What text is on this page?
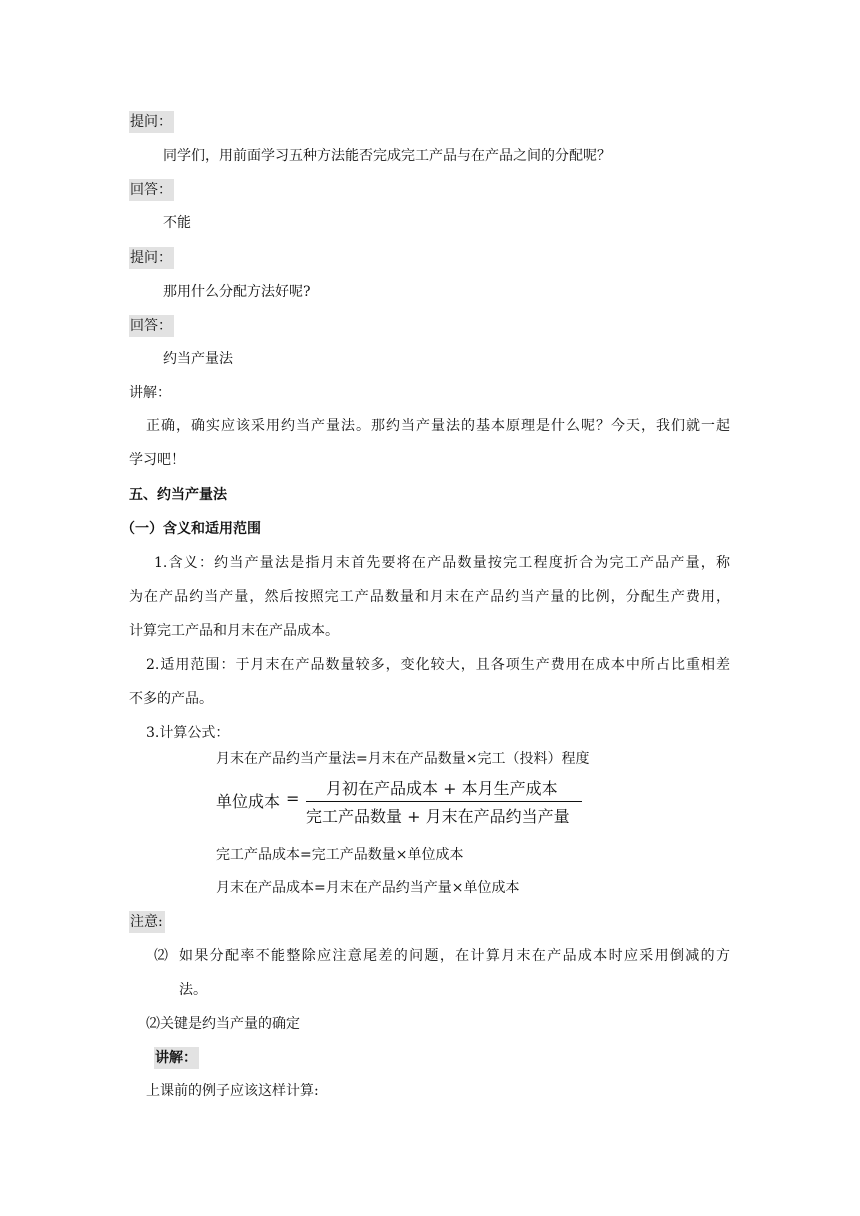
提问：
同学们，用前面学习五种方法能否完成完工产品与在产品之间的分配呢？
回答：
不能
提问：
那用什么分配方法好呢?
回答：
约当产量法
讲解：
正确，确实应该采用约当产量法。那约当产量法的基本原理是什么呢？今天，我们就一起
学习吧！
五、约当产量法
（一）含义和适用范围
1.含义：约当产量法是指月末首先要将在产品数量按完工程度折合为完工产品产量，称
为在产品约当产量，然后按照完工产品数量和月末在产品约当产量的比例，分配生产费用，
计算完工产品和月末在产品成本。
2.适用范围：于月末在产品数量较多，变化较大，且各项生产费用在成本中所占比重相差
不多的产品。
3.计算公式：
月末在产品约当产量法=月末在产品数量×完工（投料）程度
单位成本 =
月初在产品成本 + 本月生产成本
完工产品数量 + 月末在产品约当产量
完工产品成本=完工产品数量×单位成本
月末在产品成本=月末在产品约当产量×单位成本
注意:
⑵ 如果分配率不能整除应注意尾差的问题，在计算月末在产品成本时应采用倒减的方
法。
⑵关键是约当产量的确定
讲解：
上课前的例子应该这样计算:
